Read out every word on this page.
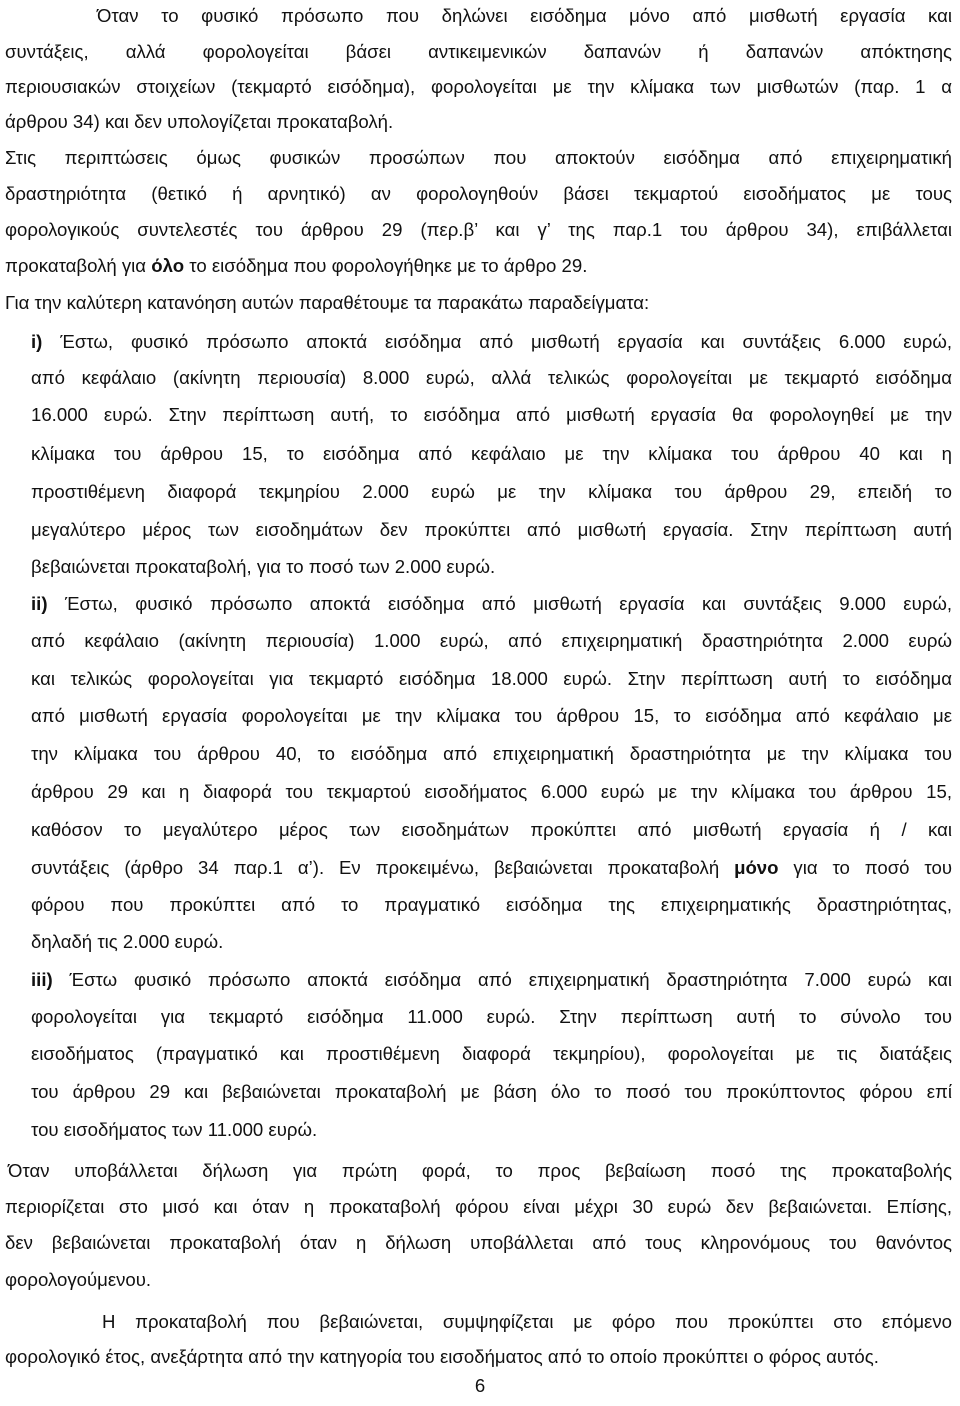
Όταν το φυσικό πρόσωπο που δηλώνει εισόδημα μόνο από μισθωτή εργασία και
συντάξεις, αλλά φορολογείται βάσει αντικειμενικών δαπανών ή δαπανών απόκτησης
περιουσιακών στοιχείων (τεκμαρτό εισόδημα), φορολογείται με την κλίμακα των μισθωτών (παρ. 1 α
άρθρου 34) και δεν υπολογίζεται προκαταβολή.
Στις περιπτώσεις όμως φυσικών προσώπων που αποκτούν εισόδημα από επιχειρηματική
δραστηριότητα (θετικό ή αρνητικό) αν φορολογηθούν βάσει τεκμαρτού εισοδήματος με τους
φορολογικούς συντελεστές του άρθρου 29 (περ.β’ και γ’ της παρ.1 του άρθρου 34), επιβάλλεται
προκαταβολή για όλο το εισόδημα που φορολογήθηκε με το άρθρο 29.
Για την καλύτερη κατανόηση αυτών παραθέτουμε τα παρακάτω παραδείγματα:
i) Έστω, φυσικό πρόσωπο αποκτά εισόδημα από μισθωτή εργασία και συντάξεις 6.000 ευρώ,
από κεφάλαιο (ακίνητη περιουσία) 8.000 ευρώ, αλλά τελικώς φορολογείται με τεκμαρτό εισόδημα
16.000 ευρώ. Στην περίπτωση αυτή, το εισόδημα από μισθωτή εργασία θα φορολογηθεί με την
κλίμακα του άρθρου 15, το εισόδημα από κεφάλαιο με την κλίμακα του άρθρου 40 και η
προστιθέμενη διαφορά τεκμηρίου 2.000 ευρώ με την κλίμακα του άρθρου 29, επειδή το
μεγαλύτερο μέρος των εισοδημάτων δεν προκύπτει από μισθωτή εργασία. Στην περίπτωση αυτή
βεβαιώνεται προκαταβολή, για το ποσό των 2.000 ευρώ.
ii) Έστω, φυσικό πρόσωπο αποκτά εισόδημα από μισθωτή εργασία και συντάξεις 9.000 ευρώ,
από κεφάλαιο (ακίνητη περιουσία) 1.000 ευρώ, από επιχειρηματική δραστηριότητα 2.000 ευρώ
και τελικώς φορολογείται για τεκμαρτό εισόδημα 18.000 ευρώ. Στην περίπτωση αυτή το εισόδημα
από μισθωτή εργασία φορολογείται με την κλίμακα του άρθρου 15, το εισόδημα από κεφάλαιο με
την κλίμακα του άρθρου 40, το εισόδημα από επιχειρηματική δραστηριότητα με την κλίμακα του
άρθρου 29 και η διαφορά του τεκμαρτού εισοδήματος 6.000 ευρώ με την κλίμακα του άρθρου 15,
καθόσον το μεγαλύτερο μέρος των εισοδημάτων προκύπτει από μισθωτή εργασία ή / και
συντάξεις (άρθρο 34 παρ.1 α’). Εν προκειμένω, βεβαιώνεται προκαταβολή μόνο για το ποσό του
φόρου που προκύπτει από το πραγματικό εισόδημα της επιχειρηματικής δραστηριότητας,
δηλαδή τις 2.000 ευρώ.
iii) Έστω φυσικό πρόσωπο αποκτά εισόδημα από επιχειρηματική δραστηριότητα 7.000 ευρώ και
φορολογείται για τεκμαρτό εισόδημα 11.000 ευρώ. Στην περίπτωση αυτή το σύνολο του
εισοδήματος (πραγματικό και προστιθέμενη διαφορά τεκμηρίου), φορολογείται με τις διατάξεις
του άρθρου 29 και βεβαιώνεται προκαταβολή με βάση όλο το ποσό του προκύπτοντος φόρου επί
του εισοδήματος των 11.000 ευρώ.
Όταν υποβάλλεται δήλωση για πρώτη φορά, το προς βεβαίωση ποσό της προκαταβολής
περιορίζεται στο μισό και όταν η προκαταβολή φόρου είναι μέχρι 30 ευρώ δεν βεβαιώνεται. Επίσης,
δεν βεβαιώνεται προκαταβολή όταν η δήλωση υποβάλλεται από τους κληρονόμους του θανόντος
φορολογούμενου.
Η προκαταβολή που βεβαιώνεται, συμψηφίζεται με φόρο που προκύπτει στο επόμενο
φορολογικό έτος, ανεξάρτητα από την κατηγορία του εισοδήματος από το οποίο προκύπτει ο φόρος αυτός.
6
